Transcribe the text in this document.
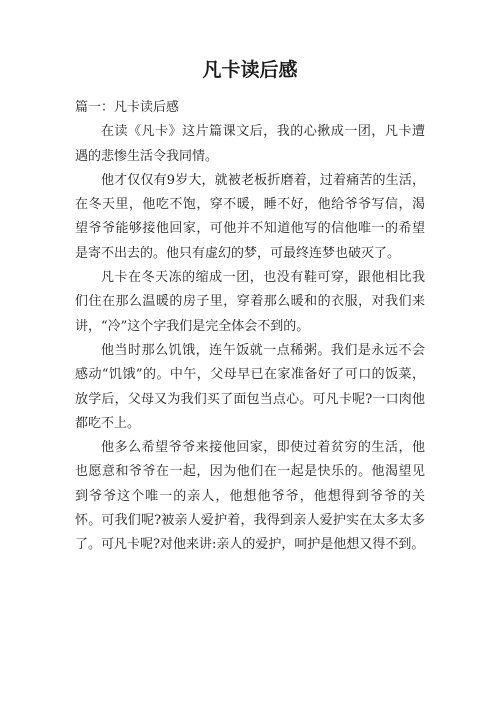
凡卡读后感

篇一：凡卡读后感

在读《凡卡》这片篇课文后，我的心揪成一团，凡卡遭遇的悲惨生活令我同情。

他才仅仅有9岁大，就被老板折磨着，过着痛苦的生活，在冬天里，他吃不饱，穿不暖，睡不好，他给爷爷写信，渴望爷爷能够接他回家，可他并不知道他写的信他唯一的希望是寄不出去的。他只有虚幻的梦，可最终连梦也破灭了。

凡卡在冬天冻的缩成一团，也没有鞋可穿，跟他相比我们住在那么温暖的房子里，穿着那么暖和的衣服，对我们来讲，“冷”这个字我们是完全体会不到的。

他当时那么饥饿，连午饭就一点稀粥。我们是永远不会感动“饥饿”的。中午，父母早已在家准备好了可口的饭菜，放学后，父母又为我们买了面包当点心。可凡卡呢?一口肉他都吃不上。

他多么希望爷爷来接他回家，即使过着贫穷的生活，他也愿意和爷爷在一起，因为他们在一起是快乐的。他渴望见到爷爷这个唯一的亲人，他想他爷爷，他想得到爷爷的关怀。可我们呢?被亲人爱护着，我得到亲人爱护实在太多太多了。可凡卡呢?对他来讲:亲人的爱护，呵护是他想又得不到。
